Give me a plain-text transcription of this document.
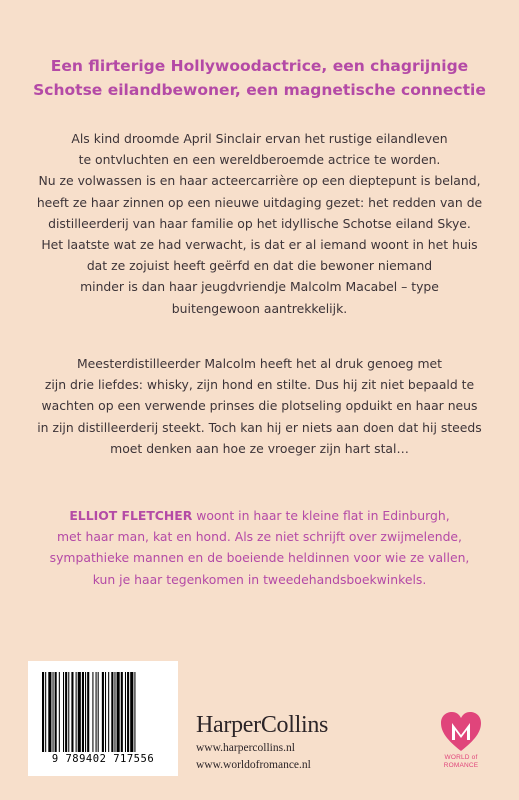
Een flirterige Hollywoodactrice, een chagrijnige
Schotse eilandbewoner, een magnetische connectie
Als kind droomde April Sinclair ervan het rustige eilandleven
te ontvluchten en een wereldberoemde actrice te worden.
Nu ze volwassen is en haar acteercarrière op een dieptepunt is beland,
heeft ze haar zinnen op een nieuwe uitdaging gezet: het redden van de
distilleerderij van haar familie op het idyllische Schotse eiland Skye.
Het laatste wat ze had verwacht, is dat er al iemand woont in het huis
dat ze zojuist heeft geërfd en dat die bewoner niemand
minder is dan haar jeugdvriendje Malcolm Macabel – type
buitengewoon aantrekkelijk.
Meesterdistilleerder Malcolm heeft het al druk genoeg met
zijn drie liefdes: whisky, zijn hond en stilte. Dus hij zit niet bepaald te
wachten op een verwende prinses die plotseling opduikt en haar neus
in zijn distilleerderij steekt. Toch kan hij er niets aan doen dat hij steeds
moet denken aan hoe ze vroeger zijn hart stal…
ELLIOT FLETCHER woont in haar te kleine flat in Edinburgh,
met haar man, kat en hond. Als ze niet schrijft over zwijmelende,
sympathieke mannen en de boeiende heldinnen voor wie ze vallen,
kun je haar tegenkomen in tweedehandsboekwinkels.
9 789402 717556
HarperCollins
www.harpercollins.nl
www.worldofromance.nl
WORLD of
ROMANCE
